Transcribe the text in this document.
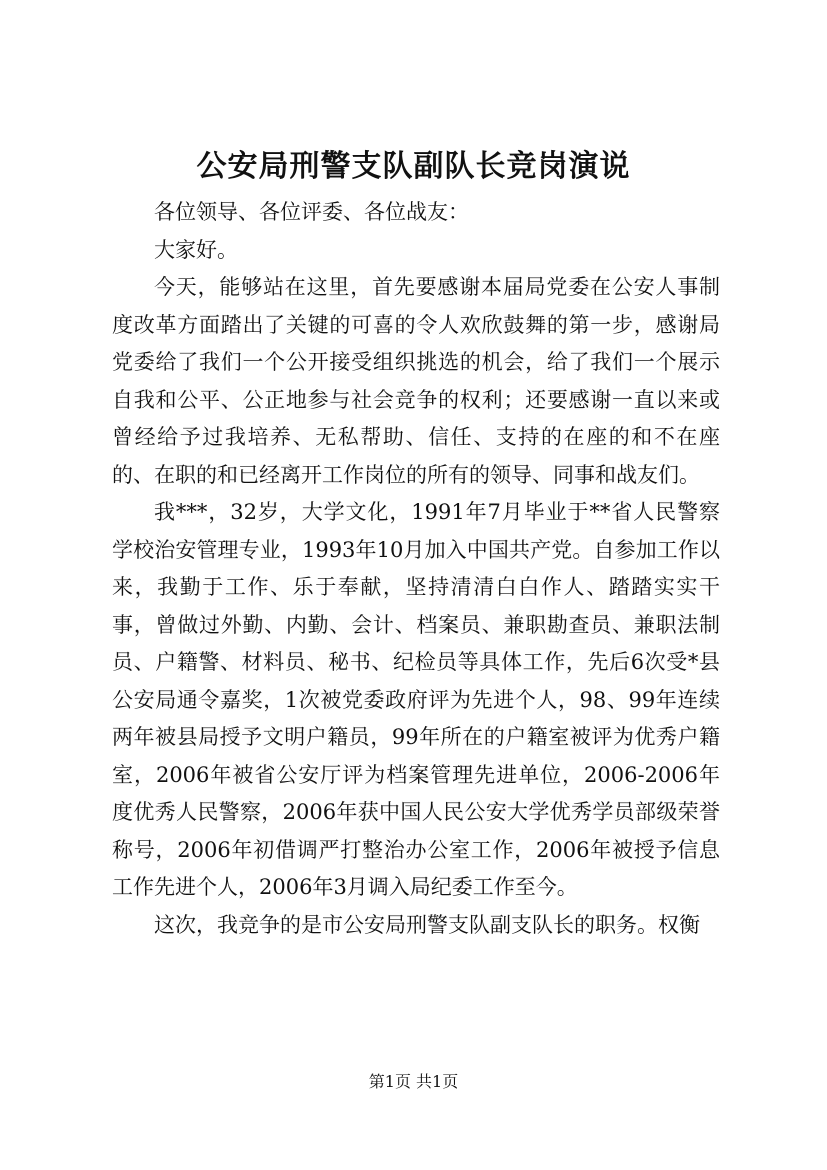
公安局刑警支队副队长竞岗演说

各位领导、各位评委、各位战友：

大家好。

今天，能够站在这里，首先要感谢本届局党委在公安人事制度改革方面踏出了关键的可喜的令人欢欣鼓舞的第一步，感谢局党委给了我们一个公开接受组织挑选的机会，给了我们一个展示自我和公平、公正地参与社会竞争的权利；还要感谢一直以来或曾经给予过我培养、无私帮助、信任、支持的在座的和不在座的、在职的和已经离开工作岗位的所有的领导、同事和战友们。

我***，32岁，大学文化，1991年7月毕业于**省人民警察学校治安管理专业，1993年10月加入中国共产党。自参加工作以来，我勤于工作、乐于奉献，坚持清清白白作人、踏踏实实干事，曾做过外勤、内勤、会计、档案员、兼职勘查员、兼职法制员、户籍警、材料员、秘书、纪检员等具体工作，先后6次受*县公安局通令嘉奖，1次被党委政府评为先进个人，98、99年连续两年被县局授予文明户籍员，99年所在的户籍室被评为优秀户籍室，2006年被省公安厅评为档案管理先进单位，2006-2006年度优秀人民警察，2006年获中国人民公安大学优秀学员部级荣誉称号，2006年初借调严打整治办公室工作，2006年被授予信息工作先进个人，2006年3月调入局纪委工作至今。

这次，我竞争的是市公安局刑警支队副支队长的职务。权衡

第1页 共1页
